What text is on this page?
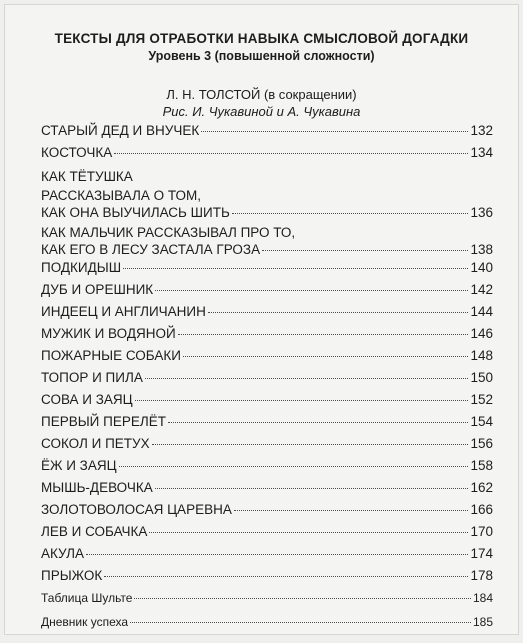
ТЕКСТЫ ДЛЯ ОТРАБОТКИ НАВЫКА СМЫСЛОВОЙ ДОГАДКИ
Уровень 3 (повышенной сложности)
Л. Н. ТОЛСТОЙ (в сокращении)
Рис. И. Чукавиной и А. Чукавина
СТАРЫЙ ДЕД И ВНУЧЕК	132
КОСТОЧКА	134
КАК ТЁТУШКА
РАССКАЗЫВАЛА О ТОМ,
КАК ОНА ВЫУЧИЛАСЬ ШИТЬ	136
КАК МАЛЬЧИК РАССКАЗЫВАЛ ПРО ТО,
КАК ЕГО В ЛЕСУ ЗАСТАЛА ГРОЗА	138
ПОДКИДЫШ	140
ДУБ И ОРЕШНИК	142
ИНДЕЕЦ И АНГЛИЧАНИН	144
МУЖИК И ВОДЯНОЙ	146
ПОЖАРНЫЕ СОБАКИ	148
ТОПОР И ПИЛА	150
СОВА И ЗАЯЦ	152
ПЕРВЫЙ ПЕРЕЛЁТ	154
СОКОЛ И ПЕТУХ	156
ЁЖ И ЗАЯЦ	158
МЫШЬ-ДЕВОЧКА	162
ЗОЛОТОВОЛОСАЯ ЦАРЕВНА	166
ЛЕВ И СОБАЧКА	170
АКУЛА	174
ПРЫЖОК	178
Таблица Шульте	184
Дневник успеха	185
